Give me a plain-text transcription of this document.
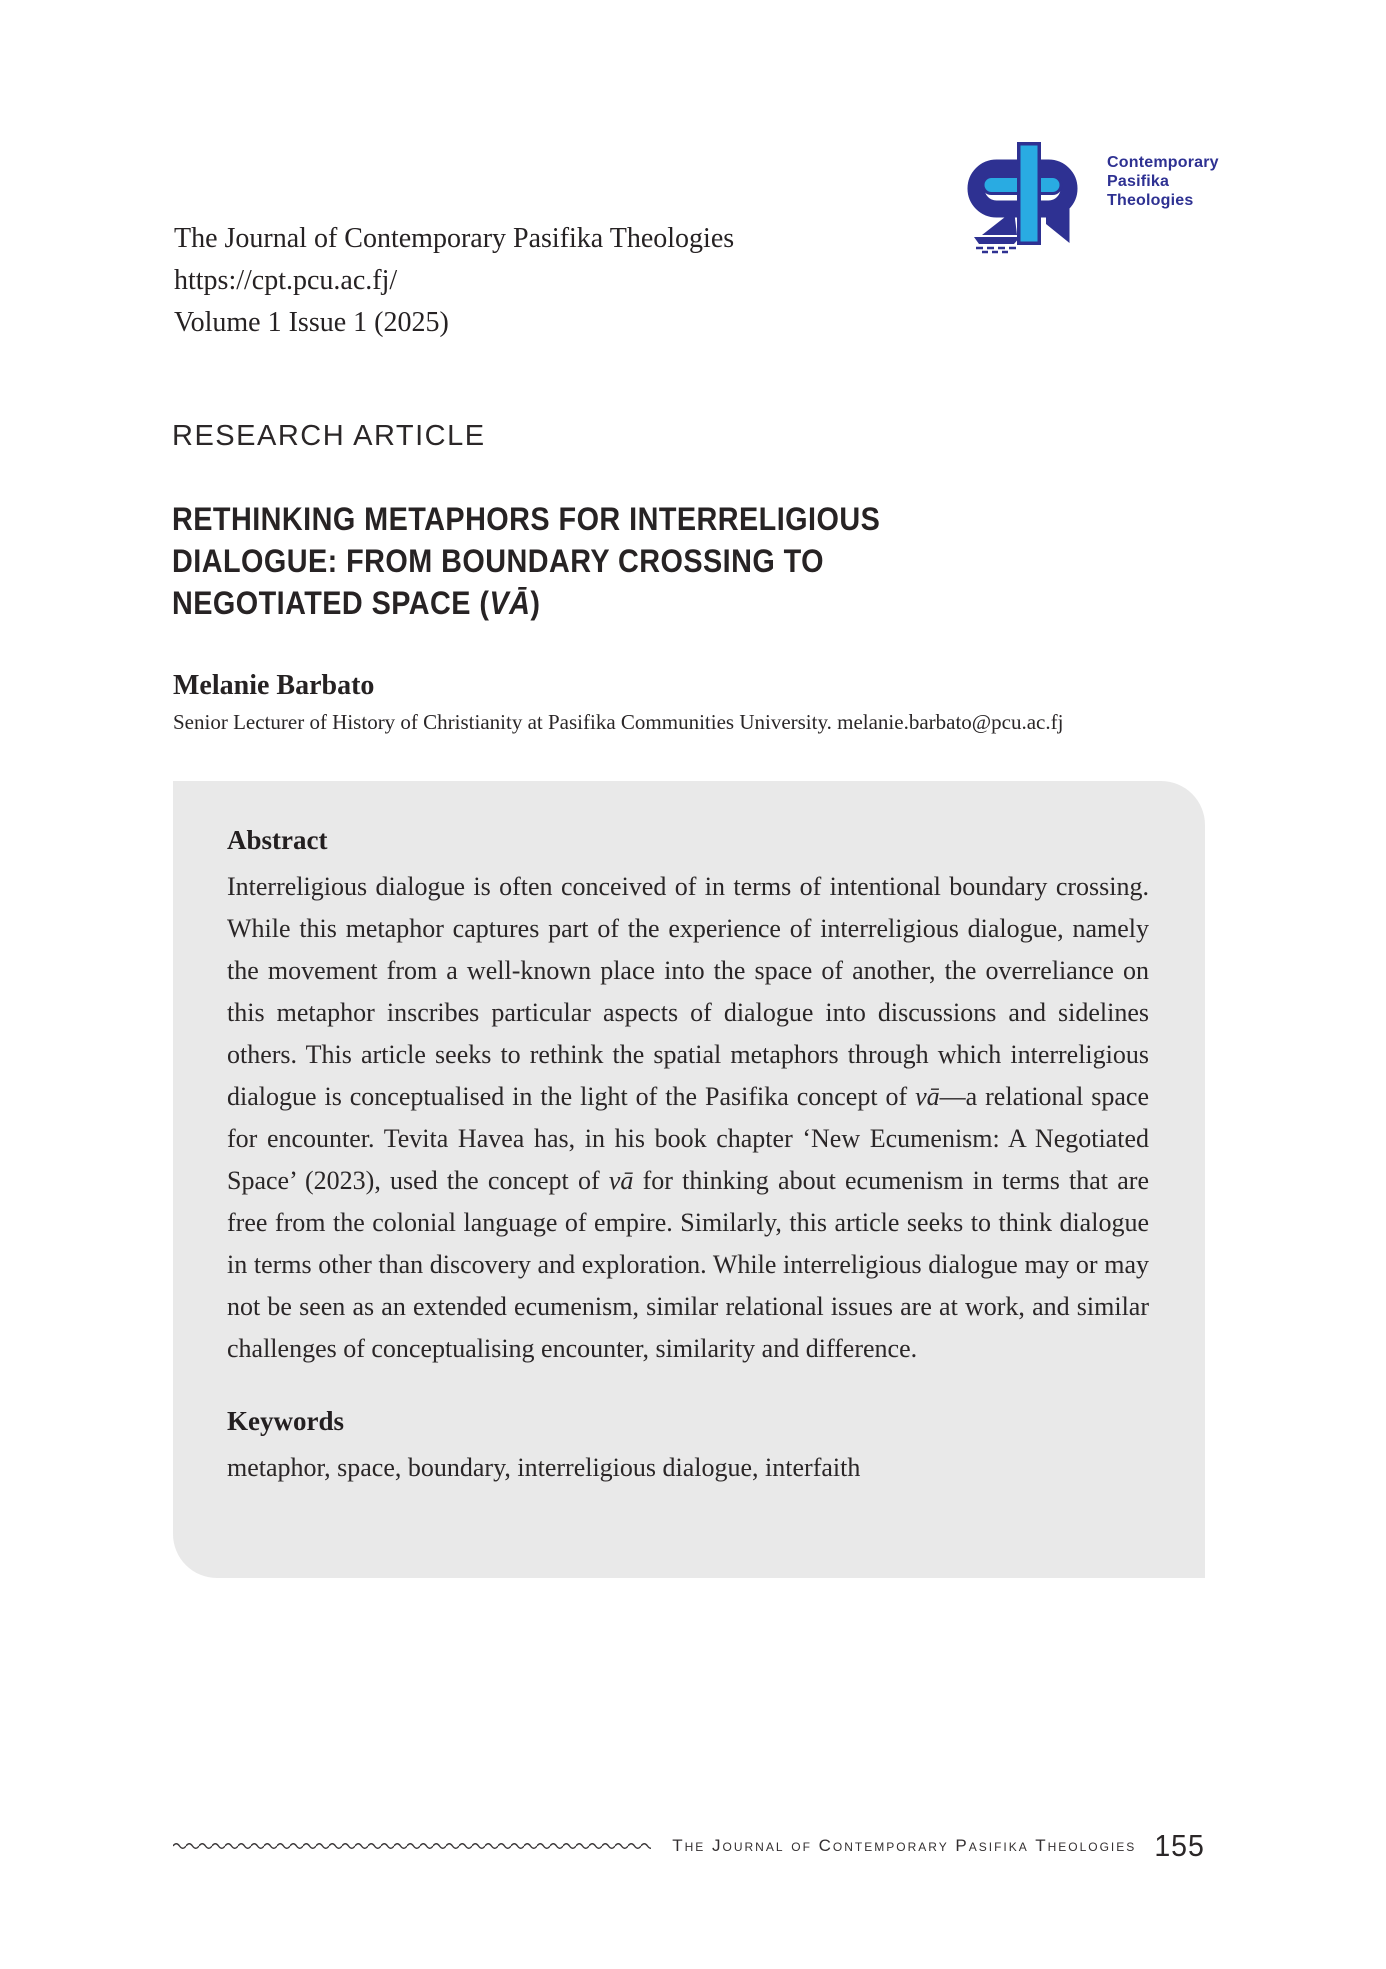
The Journal of Contemporary Pasifika Theologies
https://cpt.pcu.ac.fj/
Volume 1 Issue 1 (2025)
Contemporary
Pasifika
Theologies
RESEARCH ARTICLE
RETHINKING METAPHORS FOR INTERRELIGIOUS
DIALOGUE: FROM BOUNDARY CROSSING TO
NEGOTIATED SPACE (VĀ)
Melanie Barbato
Senior Lecturer of History of Christianity at Pasifika Communities University. melanie.barbato@pcu.ac.fj
Abstract

Interreligious dialogue is often conceived of in terms of intentional boundary crossing. While this metaphor captures part of the experience of interreligious dialogue, namely the movement from a well-known place into the space of another, the overreliance on this metaphor inscribes particular aspects of dialogue into discussions and sidelines others. This article seeks to rethink the spatial metaphors through which interreligious dialogue is conceptualised in the light of the Pasifika concept of vā—a relational space for encounter. Tevita Havea has, in his book chapter ‘New Ecumenism: A Negotiated Space’ (2023), used the concept of vā for thinking about ecumenism in terms that are free from the colonial language of empire. Similarly, this article seeks to think dialogue in terms other than discovery and exploration. While interreligious dialogue may or may not be seen as an extended ecumenism, similar relational issues are at work, and similar challenges of conceptualising encounter, similarity and difference.

Keywords
metaphor, space, boundary, interreligious dialogue, interfaith
The Journal of Contemporary Pasifika Theologies 155
